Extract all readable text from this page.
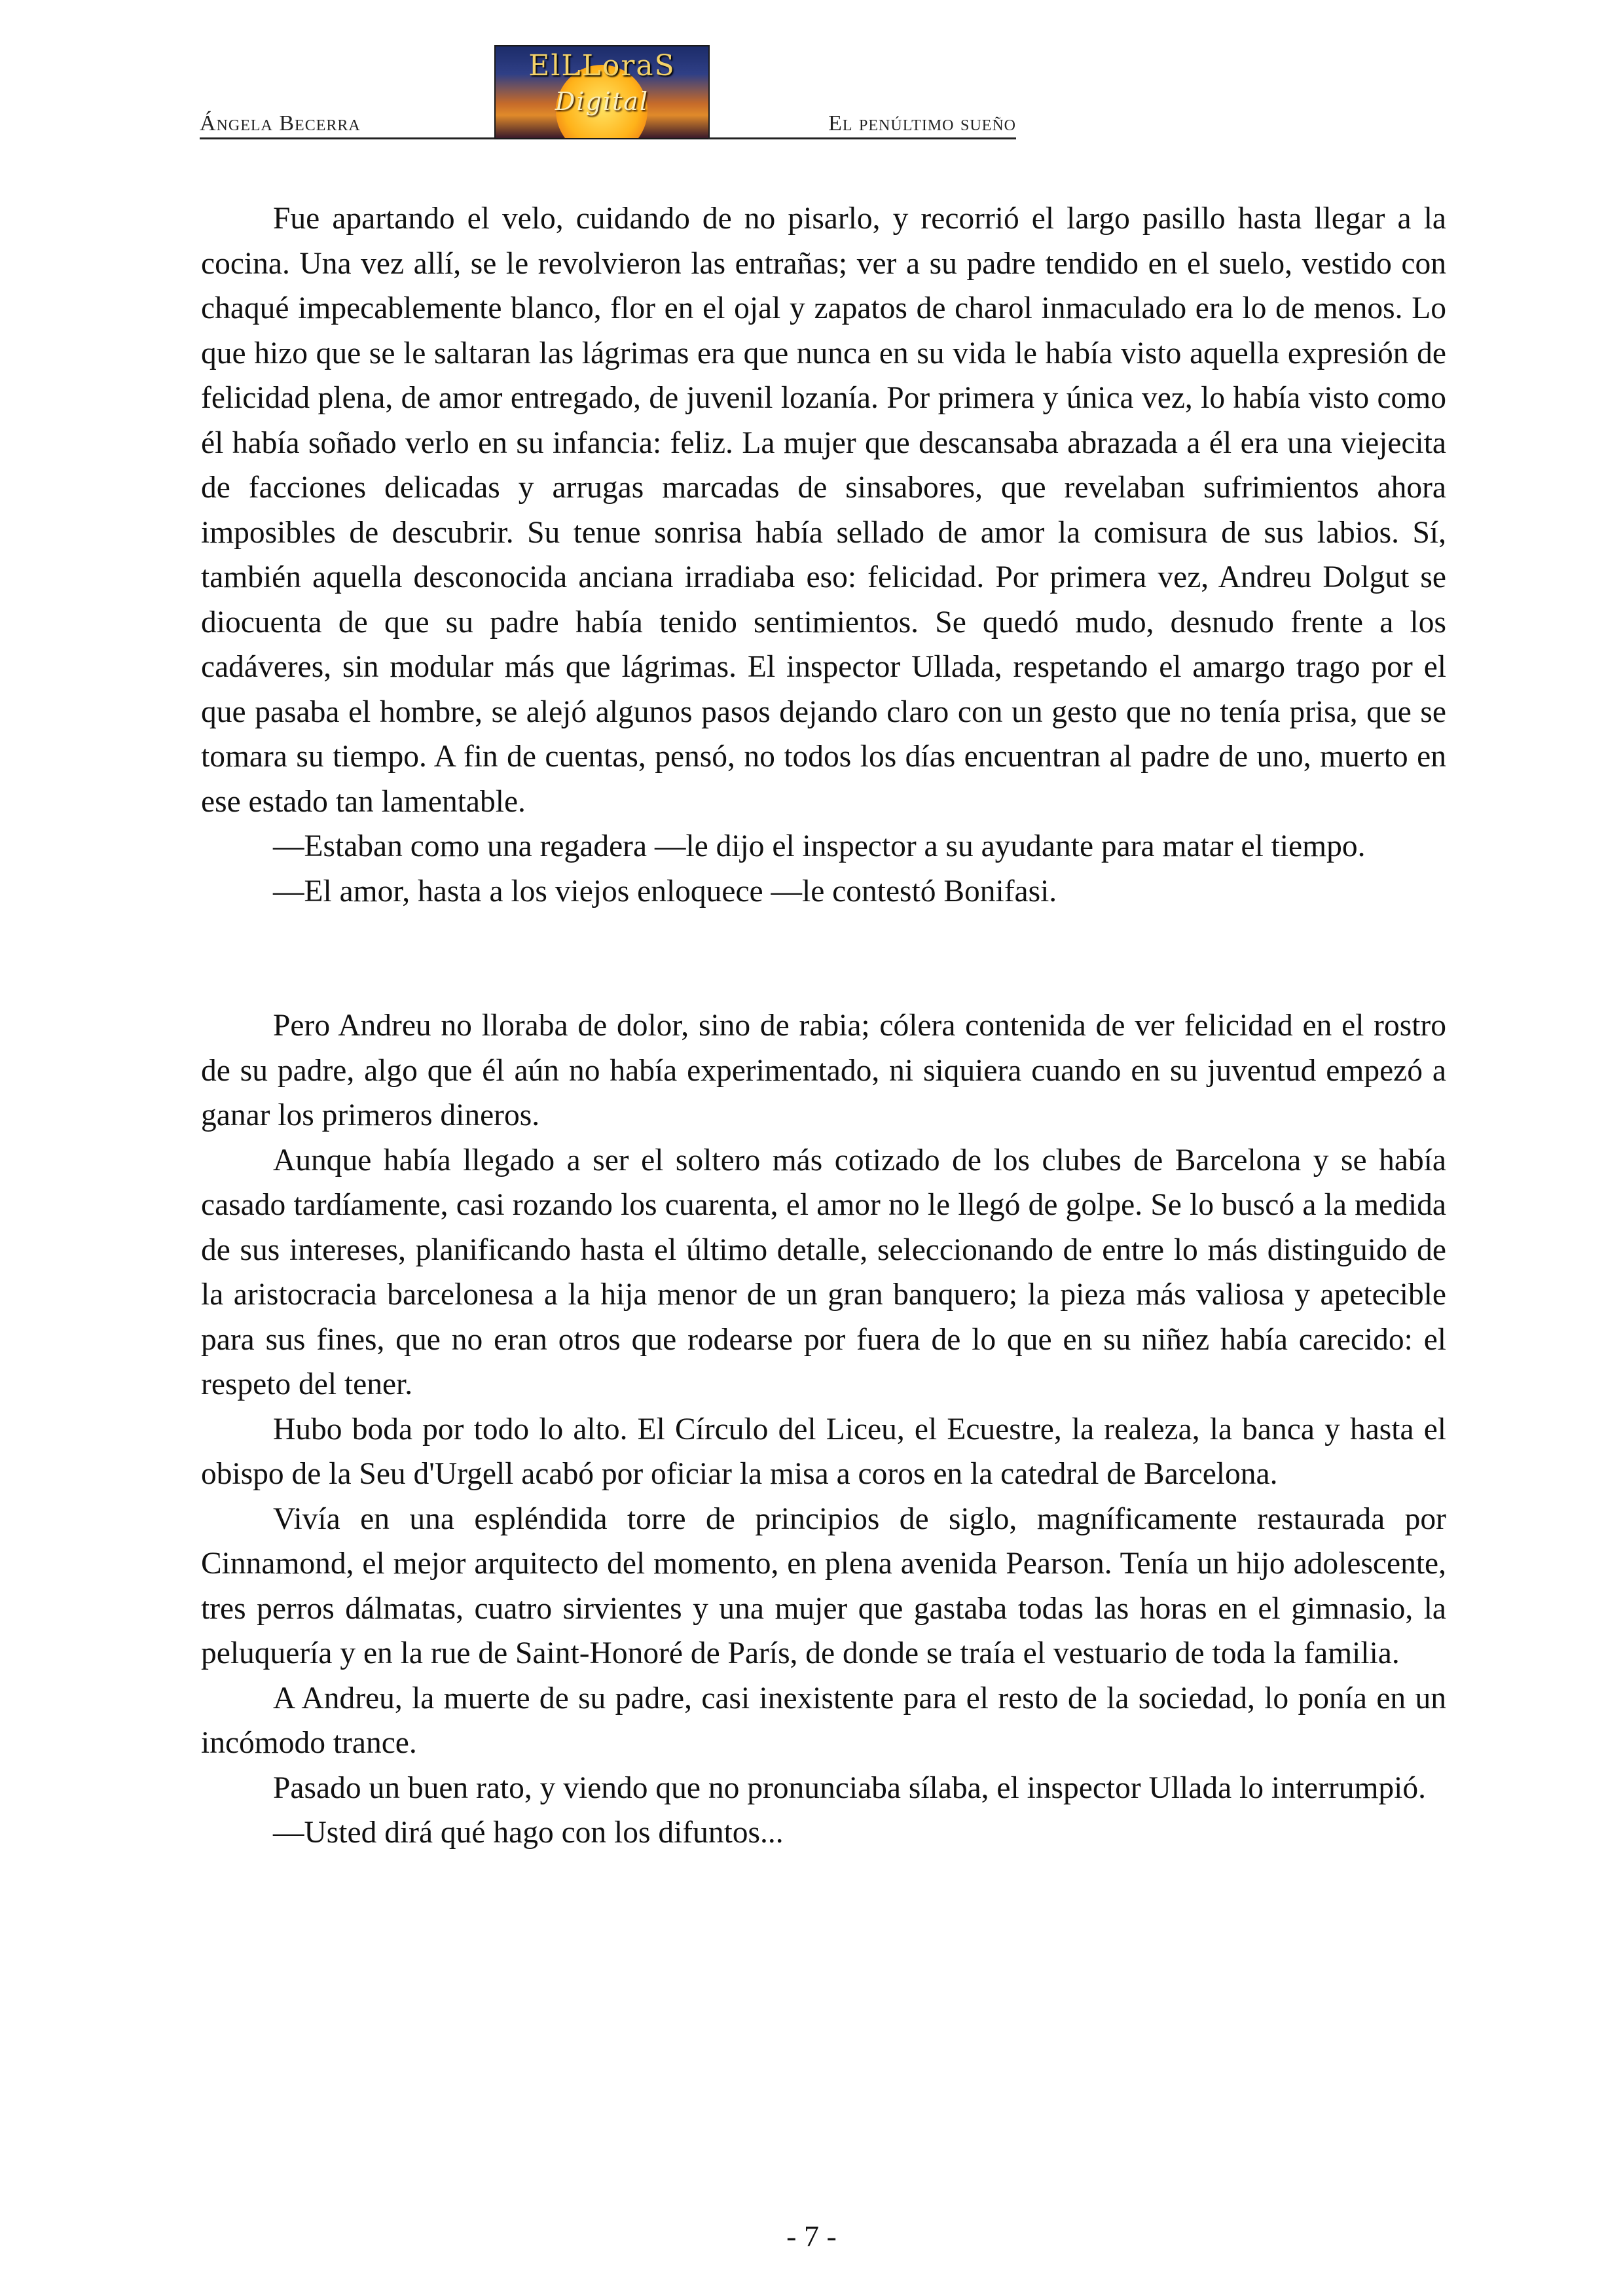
Ángela Becerra
ElLLoraS
Digital
El penúltimo sueño

Fue apartando el velo, cuidando de no pisarlo, y recorrió el largo pasillo hasta llegar a la cocina. Una vez allí, se le revolvieron las entrañas; ver a su padre tendido en el suelo, vestido con chaqué impecablemente blanco, flor en el ojal y zapatos de charol inmaculado era lo de menos. Lo que hizo que se le saltaran las lágrimas era que nunca en su vida le había visto aquella expresión de felicidad plena, de amor entregado, de juvenil lozanía. Por primera y única vez, lo había visto como él había soñado verlo en su infancia: feliz. La mujer que descansaba abrazada a él era una viejecita de facciones delicadas y arrugas marcadas de sinsabores, que revelaban sufrimientos ahora imposibles de descubrir. Su tenue sonrisa había sellado de amor la comisura de sus labios. Sí, también aquella desconocida anciana irradiaba eso: felicidad. Por primera vez, Andreu Dolgut se diocuenta de que su padre había tenido sentimientos. Se quedó mudo, desnudo frente a los cadáveres, sin modular más que lágrimas. El inspector Ullada, respetando el amargo trago por el que pasaba el hombre, se alejó algunos pasos dejando claro con un gesto que no tenía prisa, que se tomara su tiempo. A fin de cuentas, pensó, no todos los días encuentran al padre de uno, muerto en ese estado tan lamentable.

—Estaban como una regadera —le dijo el inspector a su ayudante para matar el tiempo.

—El amor, hasta a los viejos enloquece —le contestó Bonifasi.

Pero Andreu no lloraba de dolor, sino de rabia; cólera contenida de ver felicidad en el rostro de su padre, algo que él aún no había experimentado, ni siquiera cuando en su juventud empezó a ganar los primeros dineros.

Aunque había llegado a ser el soltero más cotizado de los clubes de Barcelona y se había casado tardíamente, casi rozando los cuarenta, el amor no le llegó de golpe. Se lo buscó a la medida de sus intereses, planificando hasta el último detalle, seleccionando de entre lo más distinguido de la aristocracia barcelonesa a la hija menor de un gran banquero; la pieza más valiosa y apetecible para sus fines, que no eran otros que rodearse por fuera de lo que en su niñez había carecido: el respeto del tener.

Hubo boda por todo lo alto. El Círculo del Liceu, el Ecuestre, la realeza, la banca y hasta el obispo de la Seu d'Urgell acabó por oficiar la misa a coros en la catedral de Barcelona.

Vivía en una espléndida torre de principios de siglo, magníficamente restaurada por Cinnamond, el mejor arquitecto del momento, en plena avenida Pearson. Tenía un hijo adolescente, tres perros dálmatas, cuatro sirvientes y una mujer que gastaba todas las horas en el gimnasio, la peluquería y en la rue de Saint-Honoré de París, de donde se traía el vestuario de toda la familia.

A Andreu, la muerte de su padre, casi inexistente para el resto de la sociedad, lo ponía en un incómodo trance.

Pasado un buen rato, y viendo que no pronunciaba sílaba, el inspector Ullada lo interrumpió.

—Usted dirá qué hago con los difuntos...

- 7 -
